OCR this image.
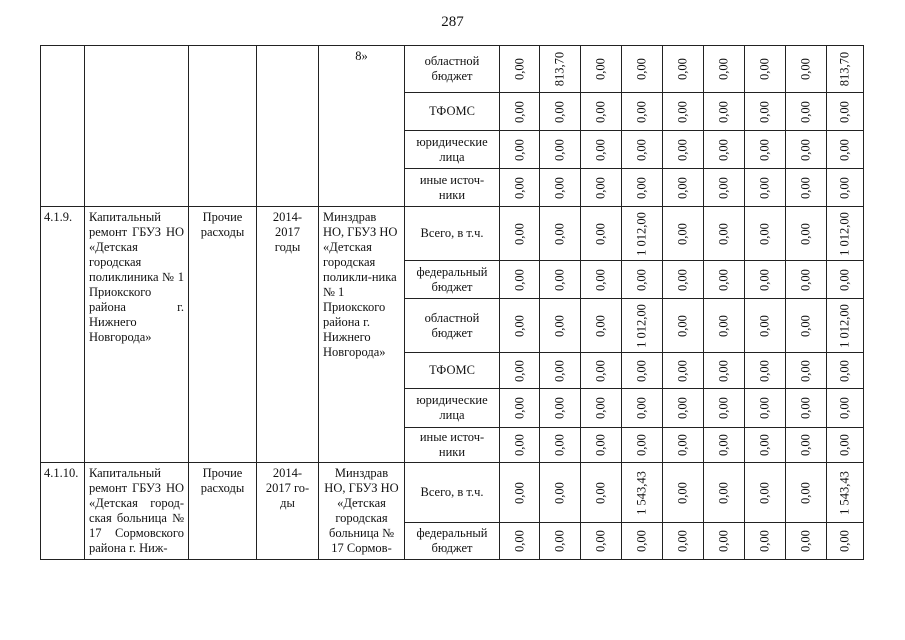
287
				8»	областной бюджет	0,00	813,70	0,00	0,00	0,00	0,00	0,00	0,00	813,70

					ТФОМС	0,00	0,00	0,00	0,00	0,00	0,00	0,00	0,00	0,00

					юридические лица	0,00	0,00	0,00	0,00	0,00	0,00	0,00	0,00	0,00

					иные источ-ники	0,00	0,00	0,00	0,00	0,00	0,00	0,00	0,00	0,00

4.1.9.	Капитальный ремонт ГБУЗ НО «Детская городская поликлиника № 1 Приокского района г. Нижнего Новгорода»	Прочие расходы	2014-2017 годы	Минздрав НО, ГБУЗ НО «Детская городская поликли-ника № 1 Приокского района г. Нижнего Новгорода»	Всего, в т.ч.	0,00	0,00	0,00	1 012,00	0,00	0,00	0,00	0,00	1 012,00

					федеральный бюджет	0,00	0,00	0,00	0,00	0,00	0,00	0,00	0,00	0,00

					областной бюджет	0,00	0,00	0,00	1 012,00	0,00	0,00	0,00	0,00	1 012,00

					ТФОМС	0,00	0,00	0,00	0,00	0,00	0,00	0,00	0,00	0,00

					юридические лица	0,00	0,00	0,00	0,00	0,00	0,00	0,00	0,00	0,00

					иные источ-ники	0,00	0,00	0,00	0,00	0,00	0,00	0,00	0,00	0,00

4.1.10.	Капитальный ремонт ГБУЗ НО «Детская город-ская больница № 17 Сормовского района г. Ниж-	Прочие расходы	2014-2017 го-ды	Минздрав НО, ГБУЗ НО «Детская городская больница № 17 Сормов-	Всего, в т.ч.	0,00	0,00	0,00	1 543,43	0,00	0,00	0,00	0,00	1 543,43

					федеральный бюджет	0,00	0,00	0,00	0,00	0,00	0,00	0,00	0,00	0,00
